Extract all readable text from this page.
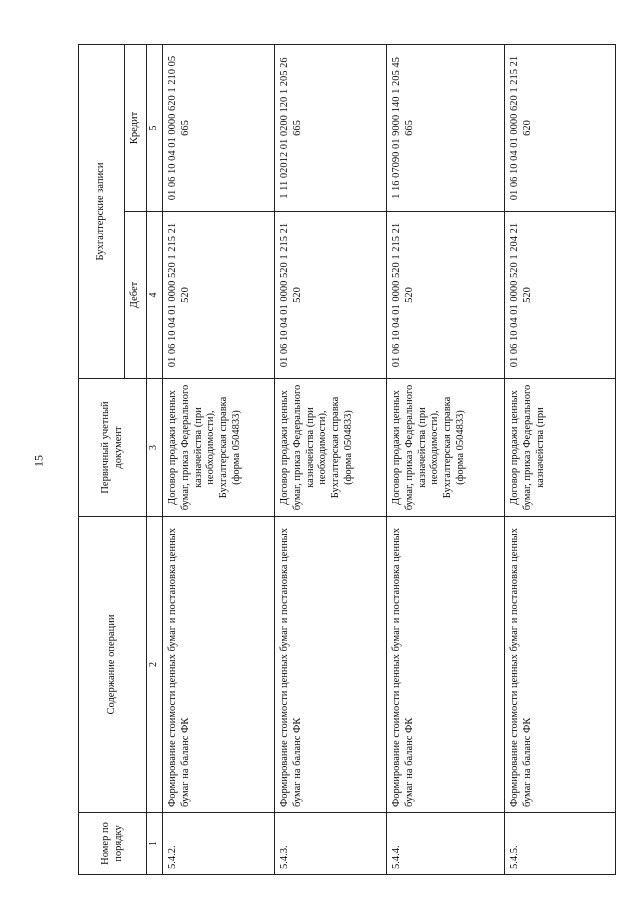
15
Номер по порядку	Содержание операции	Первичный учетный документ	Бухгалтерские записи	
			Дебет	Кредит
1	2	3	4	5
5.4.2.	Формирование стоимости ценных бумаг и постановка ценных бумаг на баланс ФК	Договор продажи ценных бумаг, приказ Федерального казначейства (при необходимости), Бухгалтерская справка (форма 0504833)	01 06 10 04 01 0000 520 1 215 21 520	01 06 10 04 01 0000 620 1 210 05 665
5.4.3.	Формирование стоимости ценных бумаг и постановка ценных бумаг на баланс ФК	Договор продажи ценных бумаг, приказ Федерального казначейства (при необходимости), Бухгалтерская справка (форма 0504833)	01 06 10 04 01 0000 520 1 215 21 520	1 11 02012 01 0200 120 1 205 26 665
5.4.4.	Формирование стоимости ценных бумаг и постановка ценных бумаг на баланс ФК	Договор продажи ценных бумаг, приказ Федерального казначейства (при необходимости), Бухгалтерская справка (форма 0504833)	01 06 10 04 01 0000 520 1 215 21 520	1 16 07090 01 9000 140 1 205 45 665
5.4.5.	Формирование стоимости ценных бумаг и постановка ценных бумаг на баланс ФК	Договор продажи ценных бумаг, приказ Федерального казначейства (при	01 06 10 04 01 0000 520 1 204 21 520	01 06 10 04 01 0000 620 1 215 21 620
